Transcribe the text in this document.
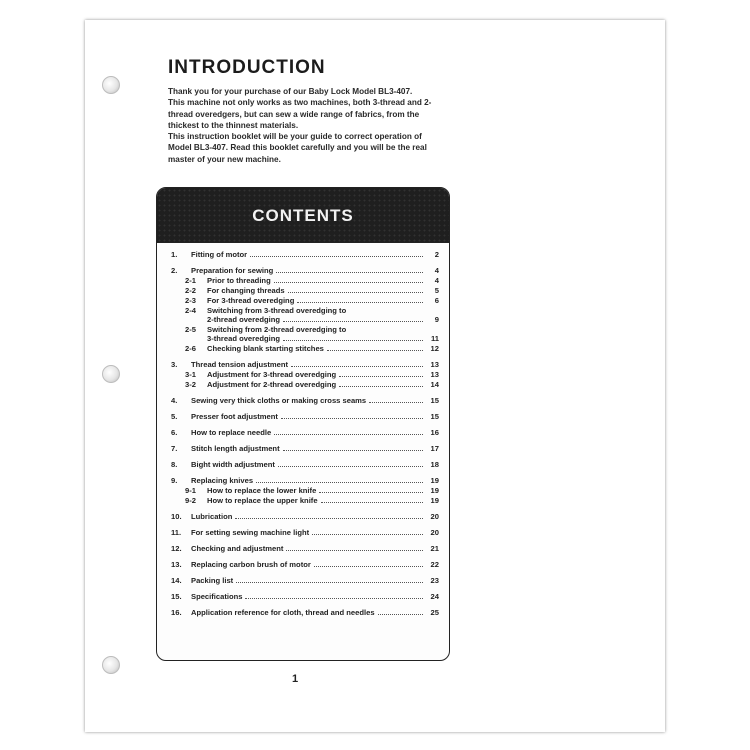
INTRODUCTION

Thank you for your purchase of our Baby Lock Model BL3-407.

This machine not only works as two machines, both 3-thread and 2-thread overedgers, but can sew a wide range of fabrics, from the thickest to the thinnest materials.

This instruction booklet will be your guide to correct operation of Model BL3-407. Read this booklet carefully and you will be the real master of your new machine.

CONTENTS
1. Fitting of motor	2
2. Preparation for sewing	4
2-1 Prior to threading	4
2-2 For changing threads	5
2-3 For 3-thread overedging	6
2-4 Switching from 3-thread overedging to
2-thread overedging	9
2-5 Switching from 2-thread overedging to
3-thread overedging	11
2-6 Checking blank starting stitches	12
3. Thread tension adjustment	13
3-1 Adjustment for 3-thread overedging	13
3-2 Adjustment for 2-thread overedging	14
4. Sewing very thick cloths or making cross seams	15
5. Presser foot adjustment	15
6. How to replace needle	16
7. Stitch length adjustment	17
8. Bight width adjustment	18
9. Replacing knives	19
9-1 How to replace the lower knife	19
9-2 How to replace the upper knife	19
10. Lubrication	20
11. For setting sewing machine light	20
12. Checking and adjustment	21
13. Replacing carbon brush of motor	22
14. Packing list	23
15. Specifications	24
16. Application reference for cloth, thread and needles	25
1
